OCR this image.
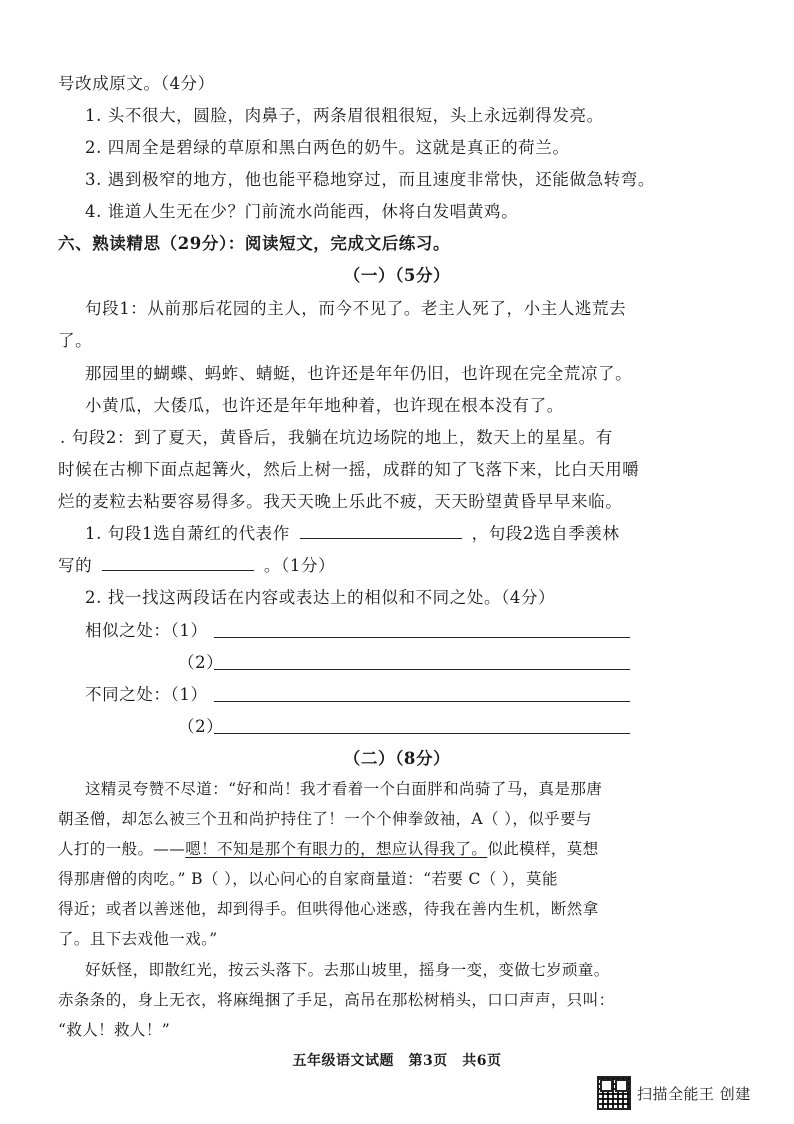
号改成原文。（4分）
1. 头不很大，圆脸，肉鼻子，两条眉很粗很短，头上永远剃得发亮。
2. 四周全是碧绿的草原和黑白两色的奶牛。这就是真正的荷兰。
3. 遇到极窄的地方，他也能平稳地穿过，而且速度非常快，还能做急转弯。
4. 谁道人生无在少？门前流水尚能西，休将白发唱黄鸡。
六、熟读精思（29分）：阅读短文，完成文后练习。
（一）（5分）
句段1：从前那后花园的主人，而今不见了。老主人死了，小主人逃荒去
了。
那园里的蝴蝶、蚂蚱、蜻蜓，也许还是年年仍旧，也许现在完全荒凉了。
小黄瓜，大倭瓜，也许还是年年地种着，也许现在根本没有了。
. 句段2：到了夏天，黄昏后，我躺在坑边场院的地上，数天上的星星。有
时候在古柳下面点起篝火，然后上树一摇，成群的知了飞落下来，比白天用嚼
烂的麦粒去粘要容易得多。我天天晚上乐此不疲，天天盼望黄昏早早来临。
1. 句段1选自萧红的代表作	，句段2选自季羡林
写的	。（1分）
2. 找一找这两段话在内容或表达上的相似和不同之处。（4分）
相似之处：（1）
（2）
不同之处：（1）
（2）
（二）（8分）
这精灵夸赞不尽道：“好和尚！我才看着一个白面胖和尚骑了马，真是那唐
朝圣僧，却怎么被三个丑和尚护持住了！一个个伸拳敛袖，A（ ），似乎要与
人打的一般。——嗯！不知是那个有眼力的，想应认得我了。似此模样，莫想
得那唐僧的肉吃。” B（ ），以心问心的自家商量道：“若要 C（ ），莫能
得近；或者以善迷他，却到得手。但哄得他心迷惑，待我在善内生机，断然拿
了。且下去戏他一戏。”
好妖怪，即散红光，按云头落下。去那山坡里，摇身一变，变做七岁顽童。
赤条条的，身上无衣，将麻绳捆了手足，高吊在那松树梢头，口口声声，只叫：
“救人！救人！”
五年级语文试题　第3页　共6页
扫描全能王 创建
